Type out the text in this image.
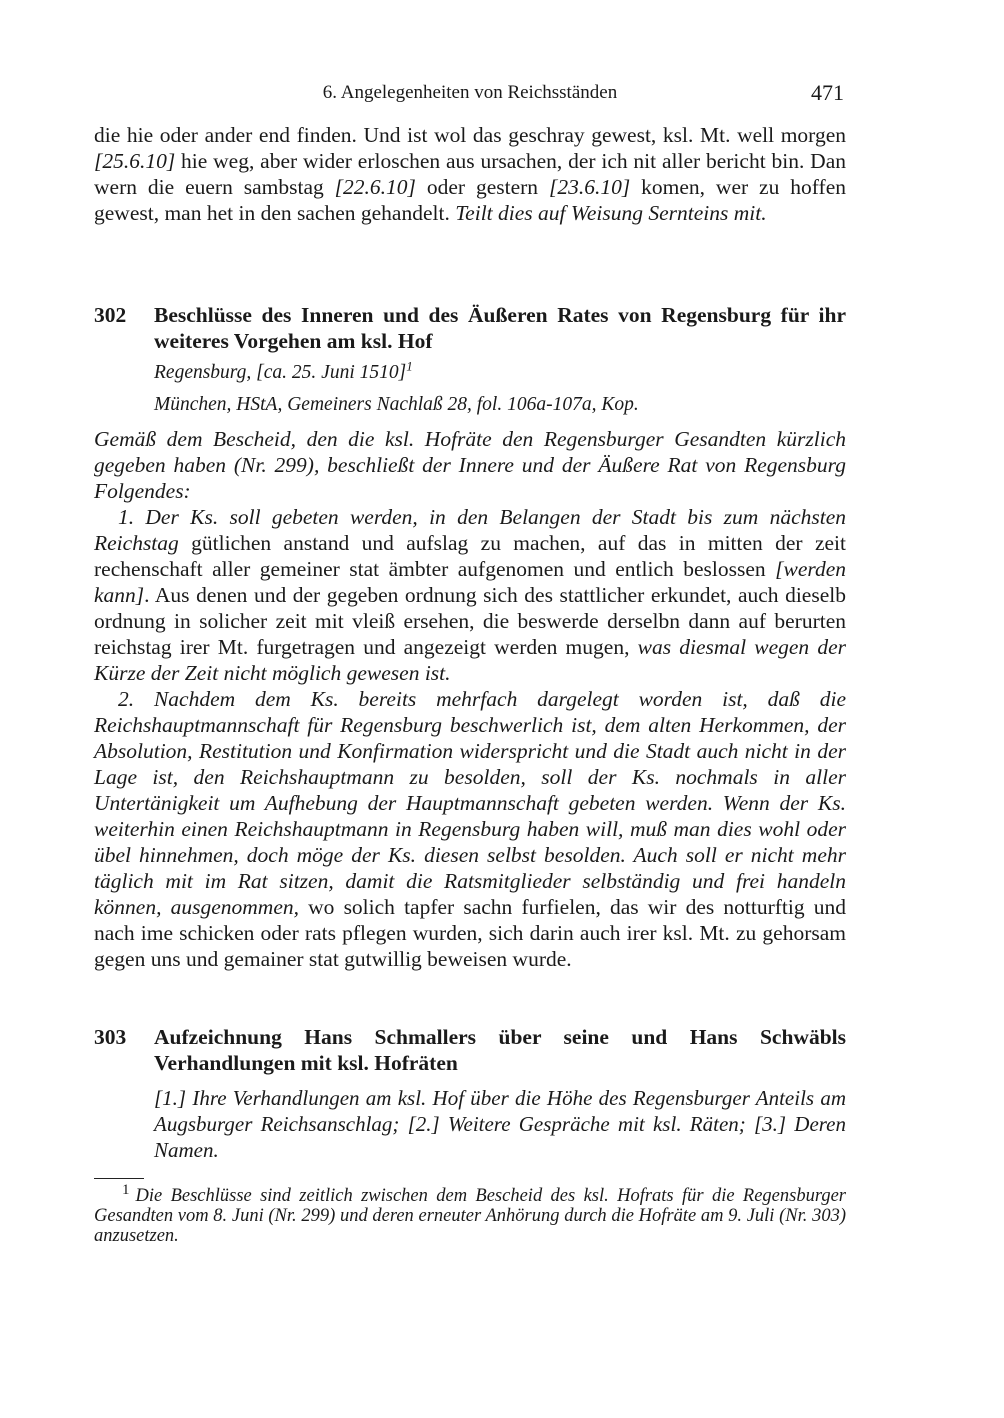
6. Angelegenheiten von Reichsständen	471

die hie oder ander end finden. Und ist wol das geschray gewest, ksl. Mt. well morgen [25.6.10] hie weg, aber wider erloschen aus ursachen, der ich nit aller bericht bin. Dan wern die euern sambstag [22.6.10] oder gestern [23.6.10] komen, wer zu hoffen gewest, man het in den sachen gehandelt. Teilt dies auf Weisung Sernteins mit.

302 Beschlüsse des Inneren und des Äußeren Rates von Regensburg für ihr weiteres Vorgehen am ksl. Hof

Regensburg, [ca. 25. Juni 1510]$^1$

München, HStA, Gemeiners Nachlaß 28, fol. 106a-107a, Kop.

Gemäß dem Bescheid, den die ksl. Hofräte den Regensburger Gesandten kürzlich gegeben haben (Nr. 299), beschließt der Innere und der Äußere Rat von Regensburg Folgendes:

1. Der Ks. soll gebeten werden, in den Belangen der Stadt bis zum nächsten Reichstag gütlichen anstand und aufslag zu machen, auf das in mitten der zeit rechenschaft aller gemeiner stat ämbter aufgenomen und entlich beslossen [werden kann]. Aus denen und der gegeben ordnung sich des stattlicher erkundet, auch dieselb ordnung in solicher zeit mit vleiß ersehen, die beswerde derselbn dann auf berurten reichstag irer Mt. furgetragen und angezeigt werden mugen, was diesmal wegen der Kürze der Zeit nicht möglich gewesen ist.

2. Nachdem dem Ks. bereits mehrfach dargelegt worden ist, daß die Reichshauptmannschaft für Regensburg beschwerlich ist, dem alten Herkommen, der Absolution, Restitution und Konfirmation widerspricht und die Stadt auch nicht in der Lage ist, den Reichshauptmann zu besolden, soll der Ks. nochmals in aller Untertänigkeit um Aufhebung der Hauptmannschaft gebeten werden. Wenn der Ks. weiterhin einen Reichshauptmann in Regensburg haben will, muß man dies wohl oder übel hinnehmen, doch möge der Ks. diesen selbst besolden. Auch soll er nicht mehr täglich mit im Rat sitzen, damit die Ratsmitglieder selbständig und frei handeln können, ausgenommen, wo solich tapfer sachn furfielen, das wir des notturftig und nach ime schicken oder rats pflegen wurden, sich darin auch irer ksl. Mt. zu gehorsam gegen uns und gemainer stat gutwillig beweisen wurde.

303 Aufzeichnung Hans Schmallers über seine und Hans Schwäbls Verhandlungen mit ksl. Hofräten

[1.] Ihre Verhandlungen am ksl. Hof über die Höhe des Regensburger Anteils am Augsburger Reichsanschlag; [2.] Weitere Gespräche mit ksl. Räten; [3.] Deren Namen.

$^1$ Die Beschlüsse sind zeitlich zwischen dem Bescheid des ksl. Hofrats für die Regensburger Gesandten vom 8. Juni (Nr. 299) und deren erneuter Anhörung durch die Hofräte am 9. Juli (Nr. 303) anzusetzen.
